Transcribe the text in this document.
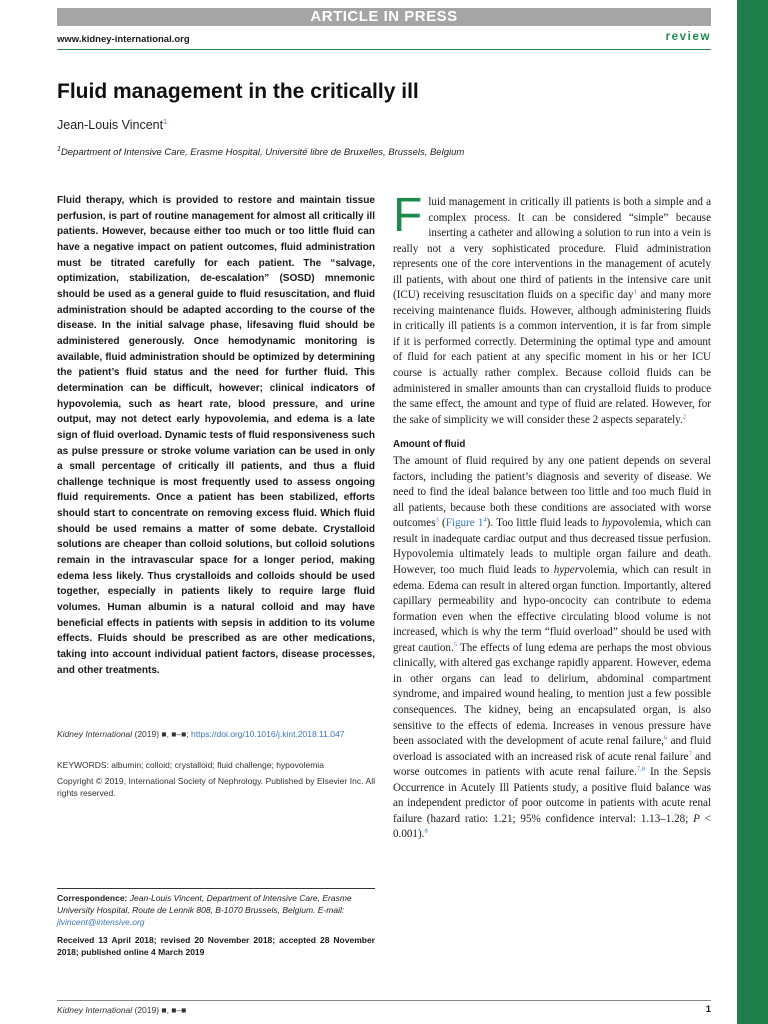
ARTICLE IN PRESS
www.kidney-international.org	review
Fluid management in the critically ill
Jean-Louis Vincent$^1$
$^1$Department of Intensive Care, Erasme Hospital, Université libre de Bruxelles, Brussels, Belgium

Fluid therapy, which is provided to restore and maintain tissue perfusion, is part of routine management for almost all critically ill patients. However, because either too much or too little fluid can have a negative impact on patient outcomes, fluid administration must be titrated carefully for each patient. The “salvage, optimization, stabilization, de-escalation” (SOSD) mnemonic should be used as a general guide to fluid resuscitation, and fluid administration should be adapted according to the course of the disease. In the initial salvage phase, lifesaving fluid should be administered generously. Once hemodynamic monitoring is available, fluid administration should be optimized by determining the patient’s fluid status and the need for further fluid. This determination can be difficult, however; clinical indicators of hypovolemia, such as heart rate, blood pressure, and urine output, may not detect early hypovolemia, and edema is a late sign of fluid overload. Dynamic tests of fluid responsiveness such as pulse pressure or stroke volume variation can be used in only a small percentage of critically ill patients, and thus a fluid challenge technique is most frequently used to assess ongoing fluid requirements. Once a patient has been stabilized, efforts should start to concentrate on removing excess fluid. Which fluid should be used remains a matter of some debate. Crystalloid solutions are cheaper than colloid solutions, but colloid solutions remain in the intravascular space for a longer period, making edema less likely. Thus crystalloids and colloids should be used together, especially in patients likely to require large fluid volumes. Human albumin is a natural colloid and may have beneficial effects in patients with sepsis in addition to its volume effects. Fluids should be prescribed as are other medications, taking into account individual patient factors, disease processes, and other treatments.

Kidney International (2019) ■, ■–■; https://doi.org/10.1016/j.kint.2018.11.047
KEYWORDS: albumin; colloid; crystalloid; fluid challenge; hypovolemia
Copyright © 2019, International Society of Nephrology. Published by Elsevier Inc. All rights reserved.
Correspondence: Jean-Louis Vincent, Department of Intensive Care, Erasme University Hospital, Route de Lennik 808, B-1070 Brussels, Belgium. E-mail: jlvincent@intensive.org
Received 13 April 2018; revised 20 November 2018; accepted 28 November 2018; published online 4 March 2019

Fluid management in critically ill patients is both a simple and a complex process. It can be considered “simple” because inserting a catheter and allowing a solution to run into a vein is really not a very sophisticated procedure. Fluid administration represents one of the core interventions in the management of acutely ill patients, with about one third of patients in the intensive care unit (ICU) receiving resuscitation fluids on a specific day$^1$ and many more receiving maintenance fluids. However, although administering fluids in critically ill patients is a common intervention, it is far from simple if it is performed correctly. Determining the optimal type and amount of fluid for each patient at any specific moment in his or her ICU course is actually rather complex. Because colloid fluids can be administered in smaller amounts than can crystalloid fluids to produce the same effect, the amount and type of fluid are related. However, for the sake of simplicity we will consider these 2 aspects separately.$^2$

Amount of fluid

The amount of fluid required by any one patient depends on several factors, including the patient’s diagnosis and severity of disease. We need to find the ideal balance between too little and too much fluid in all patients, because both these conditions are associated with worse outcomes$^3$ (Figure $1^4$). Too little fluid leads to hypovolemia, which can result in inadequate cardiac output and thus decreased tissue perfusion. Hypovolemia ultimately leads to multiple organ failure and death. However, too much fluid leads to hypervolemia, which can result in edema. Edema can result in altered organ function. Importantly, altered capillary permeability and hypo-oncocity can contribute to edema formation even when the effective circulating blood volume is not increased, which is why the term “fluid overload” should be used with great caution.$^5$ The effects of lung edema are perhaps the most obvious clinically, with altered gas exchange rapidly apparent. However, edema in other organs can lead to delirium, abdominal compartment syndrome, and impaired wound healing, to mention just a few possible consequences. The kidney, being an encapsulated organ, is also sensitive to the effects of edema. Increases in venous pressure have been associated with the development of acute renal failure,$^6$ and fluid overload is associated with an increased risk of acute renal failure$^7$ and worse outcomes in patients with acute renal failure.$^{7,8}$ In the Sepsis Occurrence in Acutely Ill Patients study, a positive fluid balance was an independent predictor of poor outcome in patients with acute renal failure (hazard ratio: 1.21; 95% confidence interval: 1.13–1.28; P < 0.001).$^8$

Kidney International (2019) ■, ■–■	1
